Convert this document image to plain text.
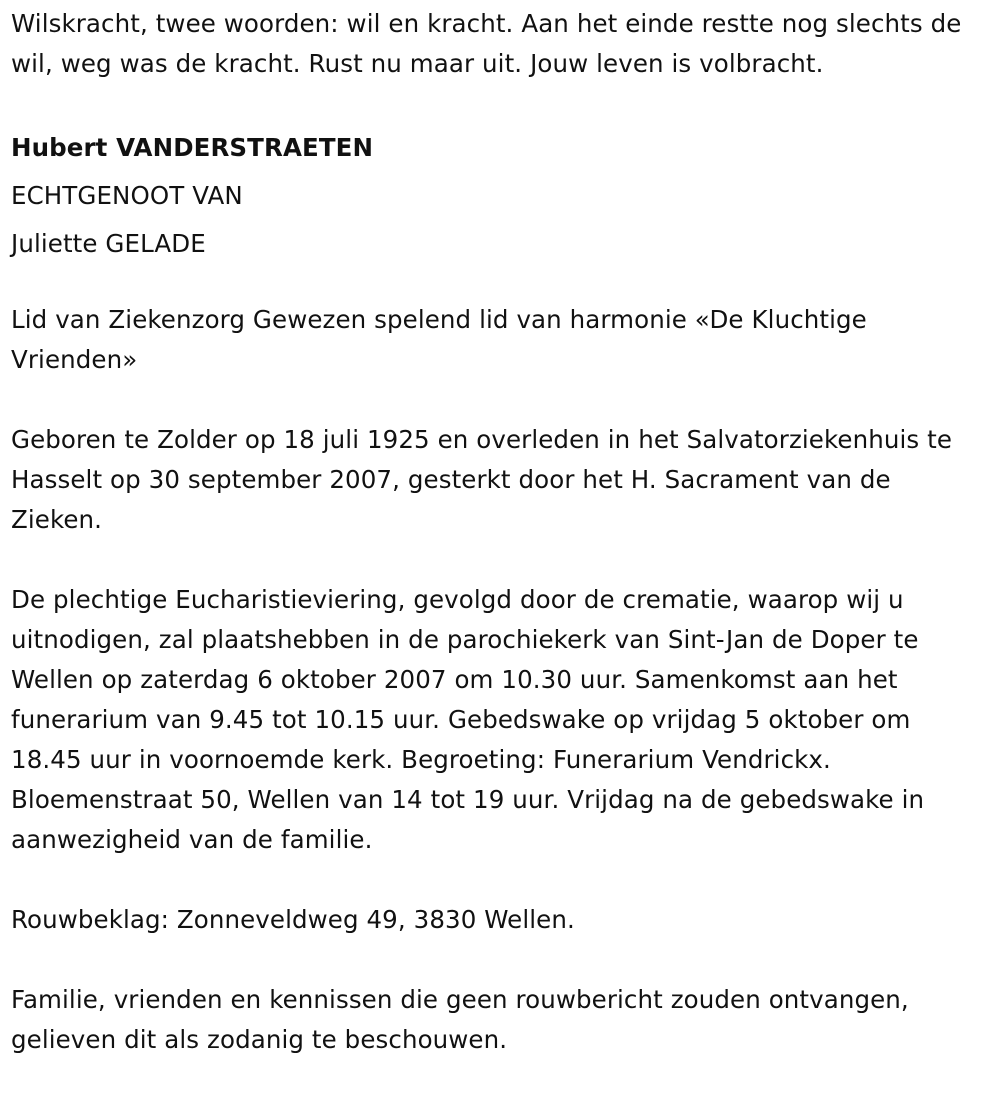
Wilskracht, twee woorden: wil en kracht. Aan het einde restte nog slechts de wil, weg was de kracht. Rust nu maar uit. Jouw leven is volbracht.

Hubert VANDERSTRAETEN
ECHTGENOOT VAN
Juliette GELADE

Lid van Ziekenzorg Gewezen spelend lid van harmonie «De Kluchtige Vrienden»

Geboren te Zolder op 18 juli 1925 en overleden in het Salvatorziekenhuis te Hasselt op 30 september 2007, gesterkt door het H. Sacrament van de Zieken.

De plechtige Eucharistieviering, gevolgd door de crematie, waarop wij u uitnodigen, zal plaatshebben in de parochiekerk van Sint-Jan de Doper te Wellen op zaterdag 6 oktober 2007 om 10.30 uur. Samenkomst aan het funerarium van 9.45 tot 10.15 uur. Gebedswake op vrijdag 5 oktober om 18.45 uur in voornoemde kerk. Begroeting: Funerarium Vendrickx. Bloemenstraat 50, Wellen van 14 tot 19 uur. Vrijdag na de gebedswake in aanwezigheid van de familie.

Rouwbeklag: Zonneveldweg 49, 3830 Wellen.

Familie, vrienden en kennissen die geen rouwbericht zouden ontvangen, gelieven dit als zodanig te beschouwen.
